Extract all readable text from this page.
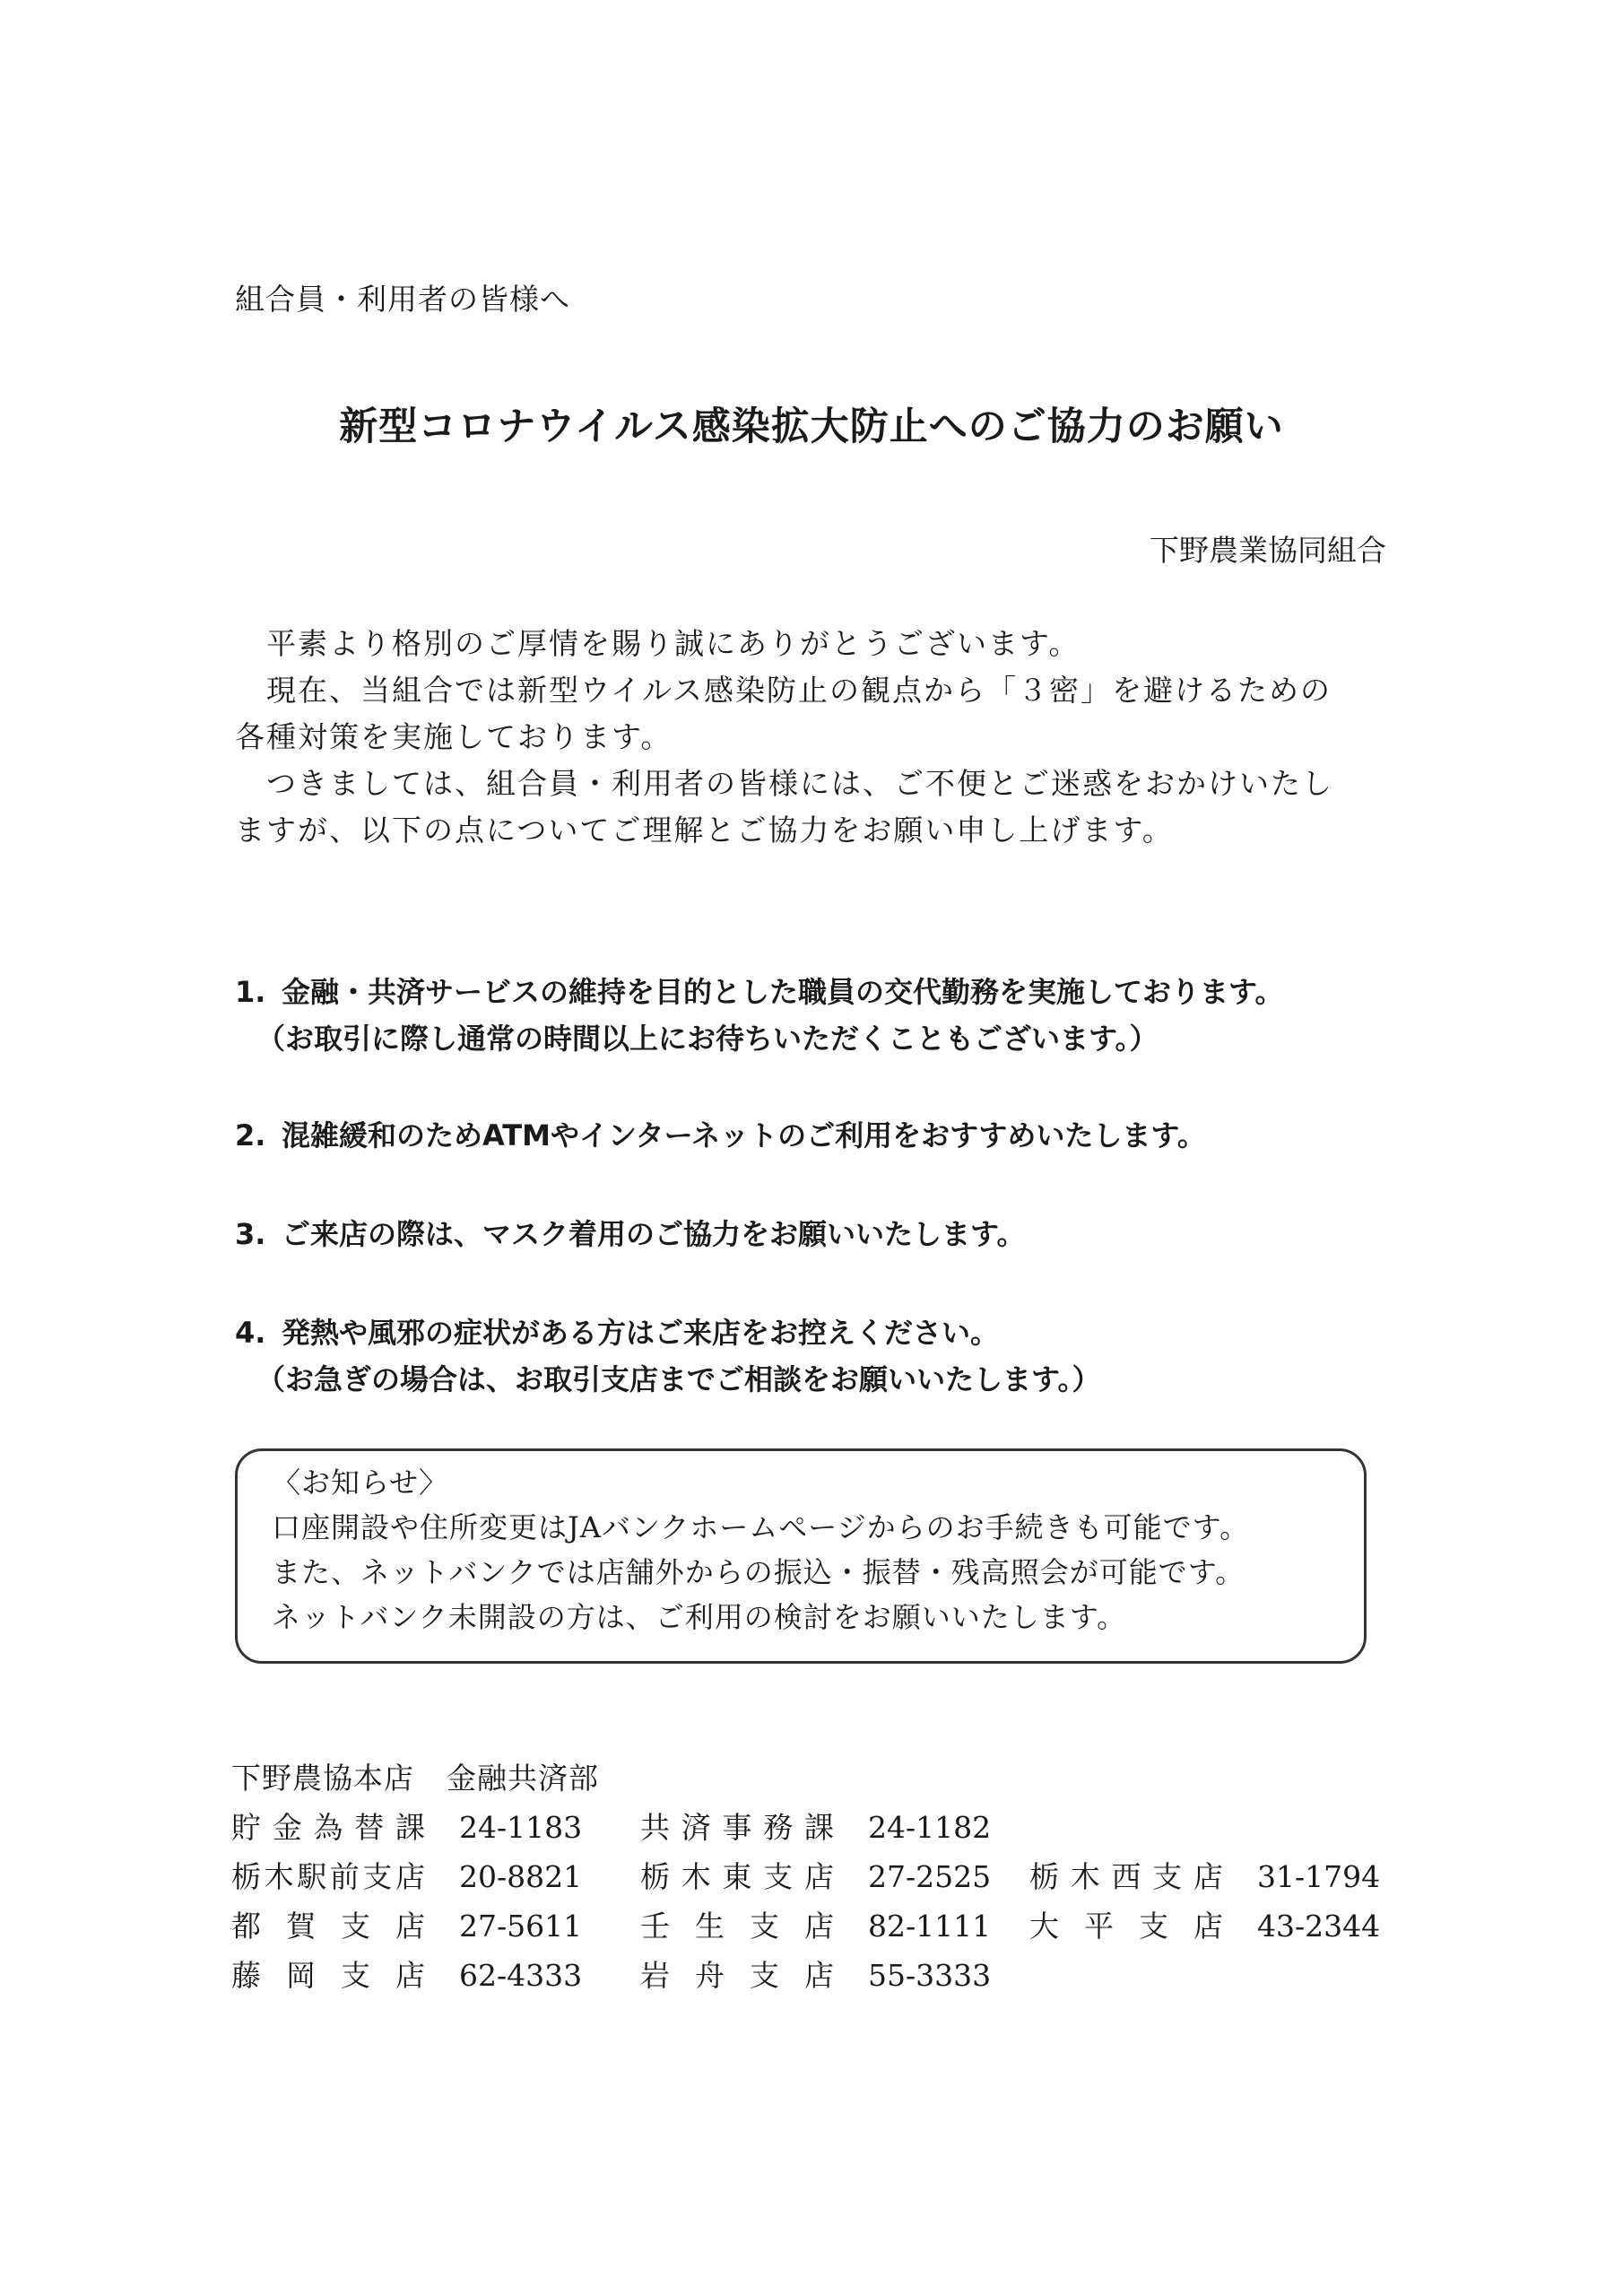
組合員・利用者の皆様へ
新型コロナウイルス感染拡大防止へのご協力のお願い
下野農業協同組合

　平素より格別のご厚情を賜り誠にありがとうございます。

　現在、当組合では新型ウイルス感染防止の観点から「３密」を避けるための

各種対策を実施しております。

　つきましては、組合員・利用者の皆様には、ご不便とご迷惑をおかけいたし

ますが、以下の点についてご理解とご協力をお願い申し上げます。

1. 金融・共済サービスの維持を目的とした職員の交代勤務を実施しております。
（お取引に際し通常の時間以上にお待ちいただくこともございます。）
2. 混雑緩和のためATMやインターネットのご利用をおすすめいたします。
3. ご来店の際は、マスク着用のご協力をお願いいたします。
4. 発熱や風邪の症状がある方はご来店をお控えください。
（お急ぎの場合は、お取引支店までご相談をお願いいたします。）
〈お知らせ〉
口座開設や住所変更はJAバンクホームページからのお手続きも可能です。
また、ネットバンクでは店舗外からの振込・振替・残高照会が可能です。
ネットバンク未開設の方は、ご利用の検討をお願いいたします。
下野農協本店 金融共済部
貯金為替課 24-1183 共済事務課 24-1182
栃木駅前支店 20-8821 栃木東支店 27-2525 栃木西支店 31-1794
都賀支店 27-5611 壬生支店 82-1111 大平支店 43-2344
藤岡支店 62-4333 岩舟支店 55-3333
